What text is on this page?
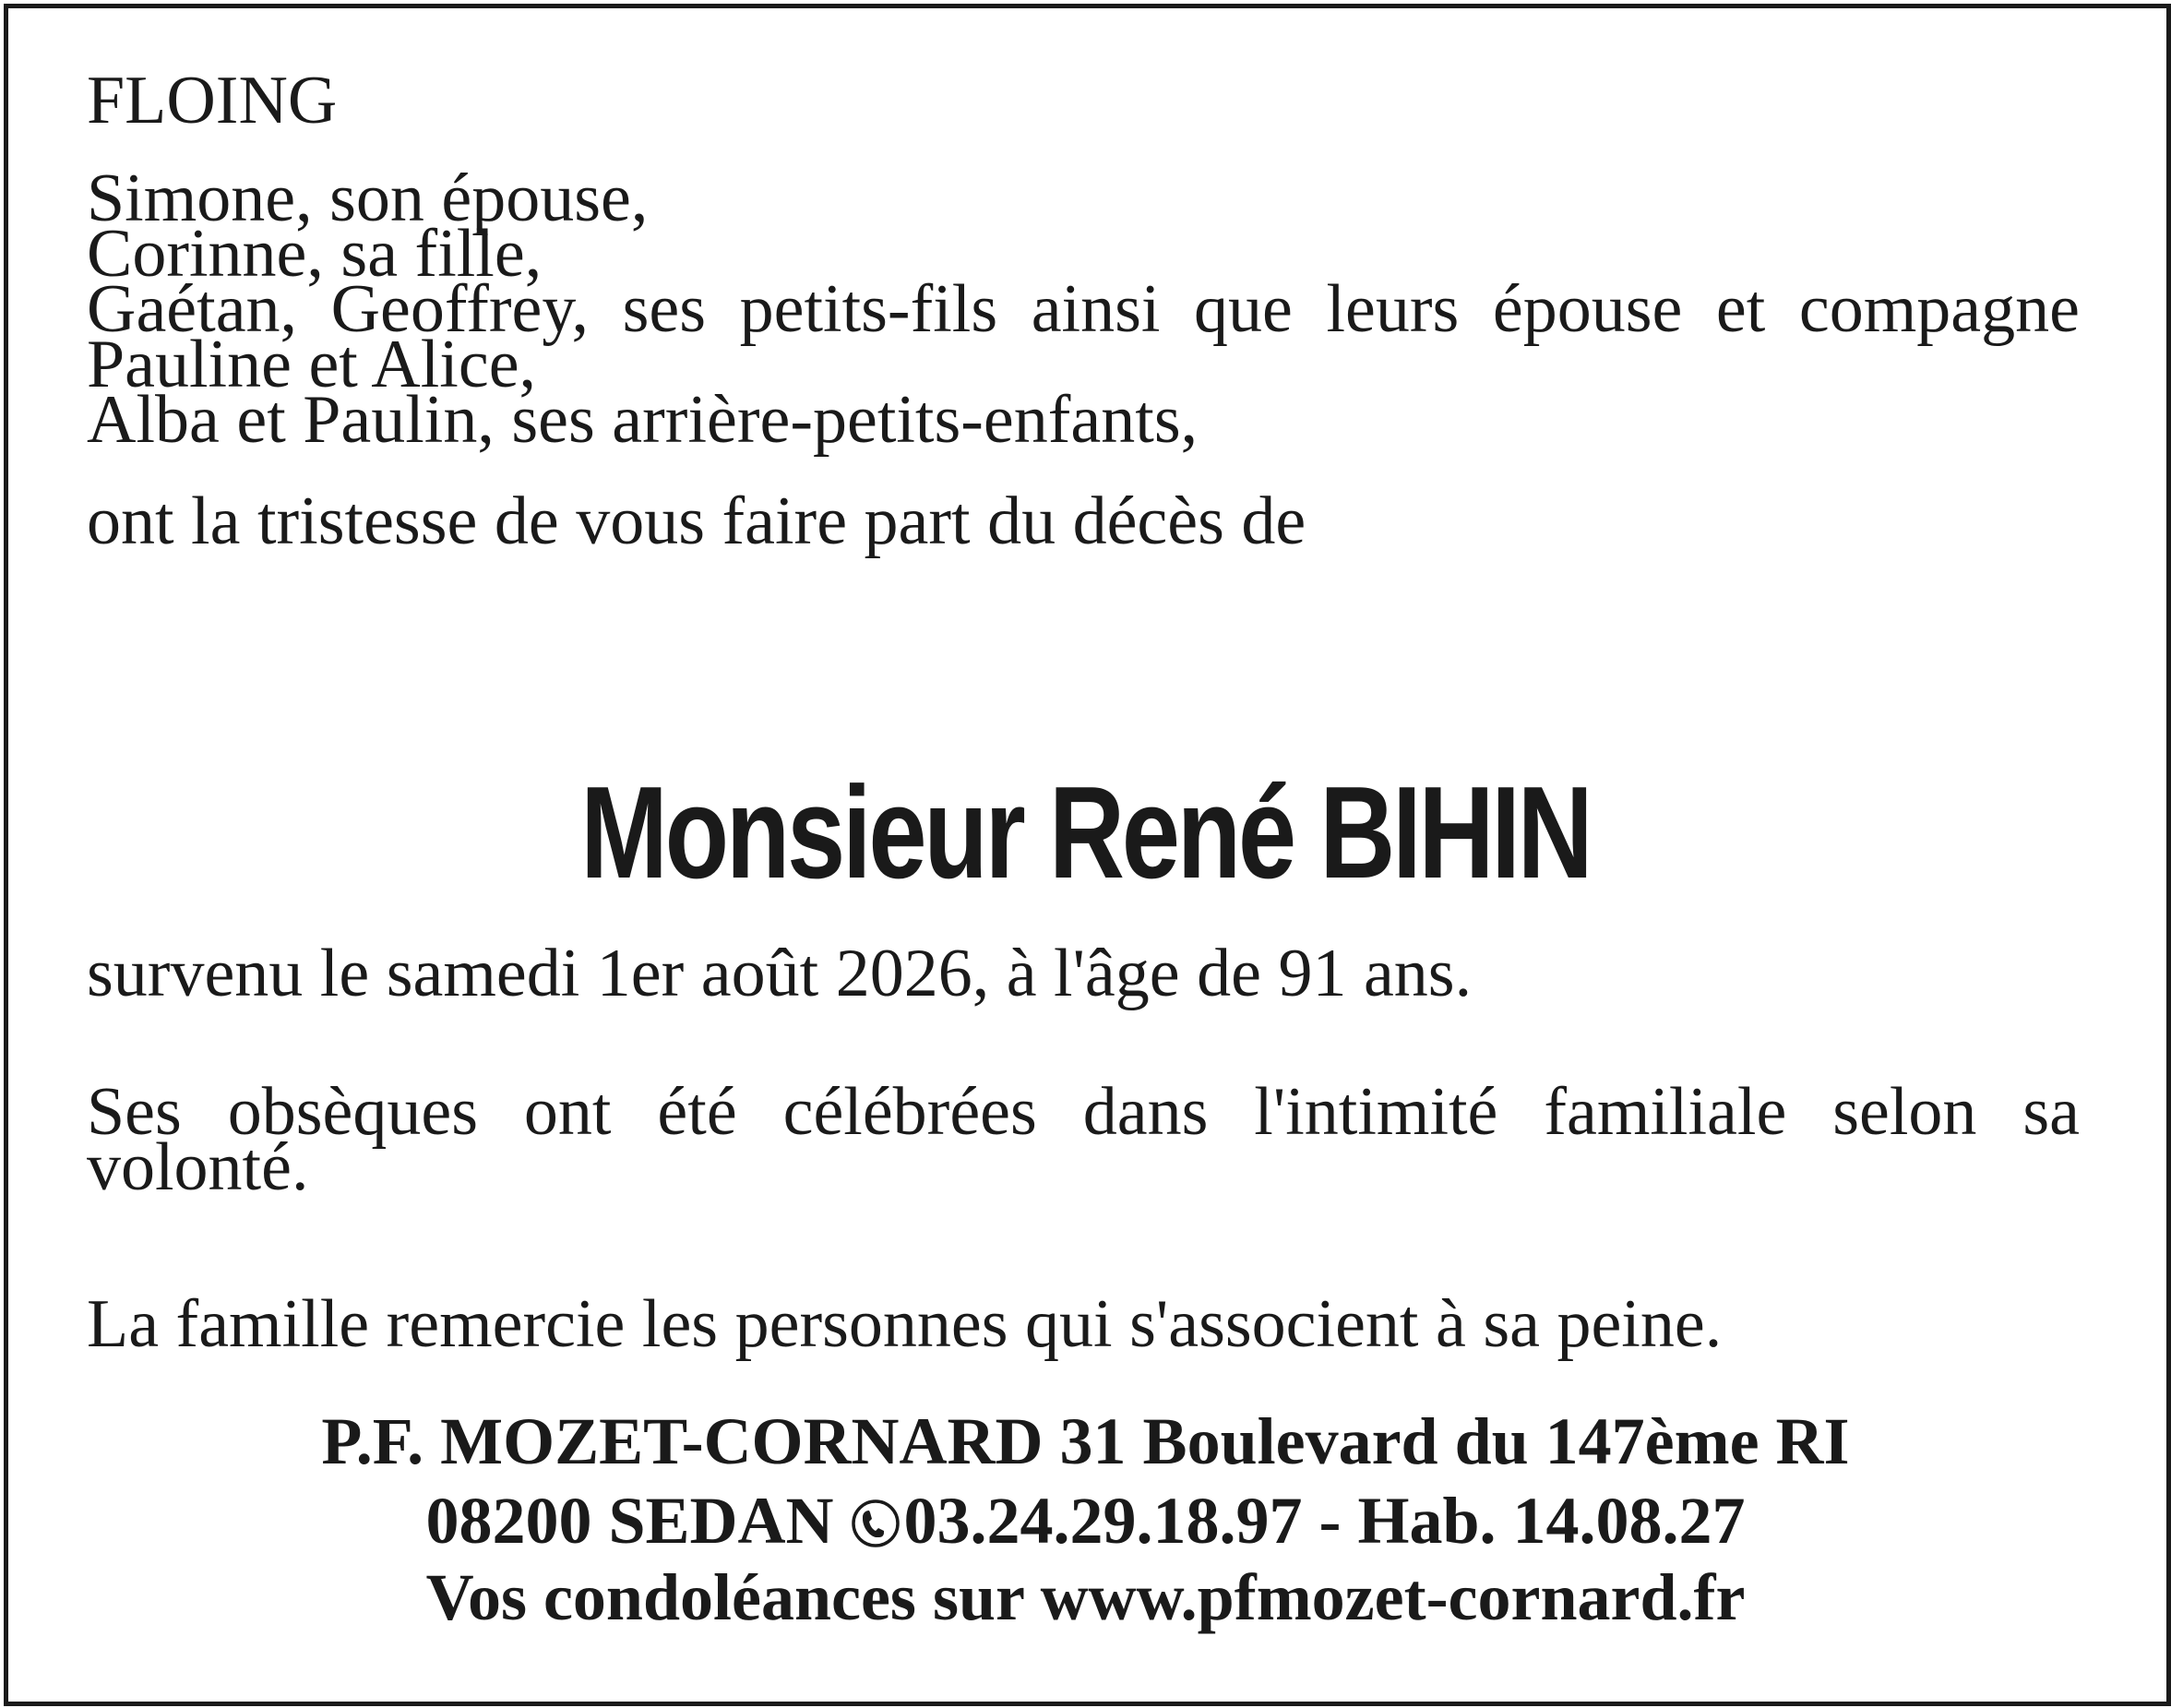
FLOING
Simone, son épouse,
Corinne, sa fille,
Gaétan, Geoffrey, ses petits-fils ainsi que leurs épouse et compagne
Pauline et Alice,
Alba et Paulin, ses arrière-petits-enfants,
ont la tristesse de vous faire part du décès de
Monsieur René BIHIN
survenu le samedi 1er août 2026, à l'âge de 91 ans.
Ses obsèques ont été célébrées dans l'intimité familiale selon sa
volonté.
La famille remercie les personnes qui s'associent à sa peine.
P.F. MOZET-CORNARD 31 Boulevard du 147ème RI
08200 SEDAN 03.24.29.18.97 - Hab. 14.08.27
Vos condoléances sur www.pfmozet-cornard.fr
